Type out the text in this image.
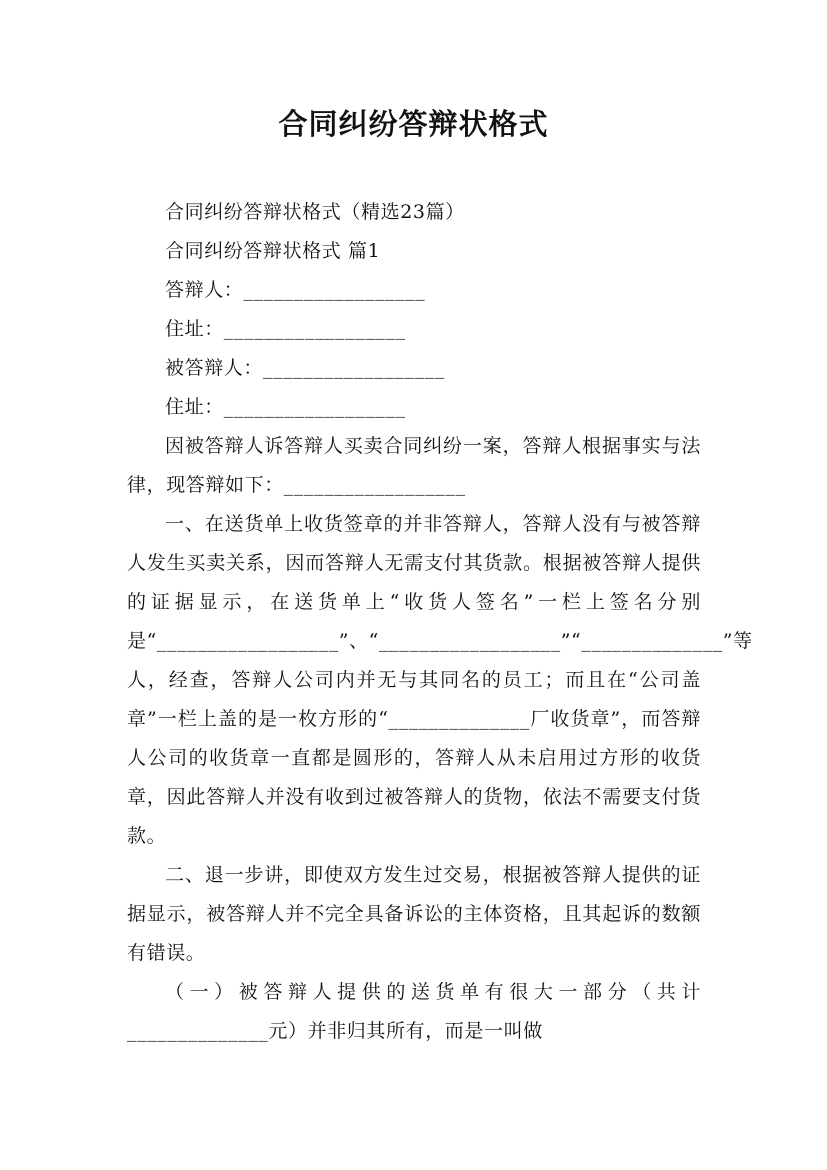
合同纠纷答辩状格式

合同纠纷答辩状格式（精选23篇）

合同纠纷答辩状格式 篇1

答辩人：__________________

住址：__________________

被答辩人：__________________

住址：__________________

因被答辩人诉答辩人买卖合同纠纷一案，答辩人根据事实与法律，现答辩如下：__________________

一、在送货单上收货签章的并非答辩人，答辩人没有与被答辩人发生买卖关系，因而答辩人无需支付其货款。根据被答辩人提供的证据显示，在送货单上“收货人签名”一栏上签名分别是“__________________”、“__________________”“______________”等人，经查，答辩人公司内并无与其同名的员工；而且在“公司盖章”一栏上盖的是一枚方形的“______________厂收货章”，而答辩人公司的收货章一直都是圆形的，答辩人从未启用过方形的收货章，因此答辩人并没有收到过被答辩人的货物，依法不需要支付货款。

二、退一步讲，即使双方发生过交易，根据被答辩人提供的证据显示，被答辩人并不完全具备诉讼的主体资格，且其起诉的数额有错误。

（一）被答辩人提供的送货单有很大一部分（共计______________元）并非归其所有，而是一叫做
